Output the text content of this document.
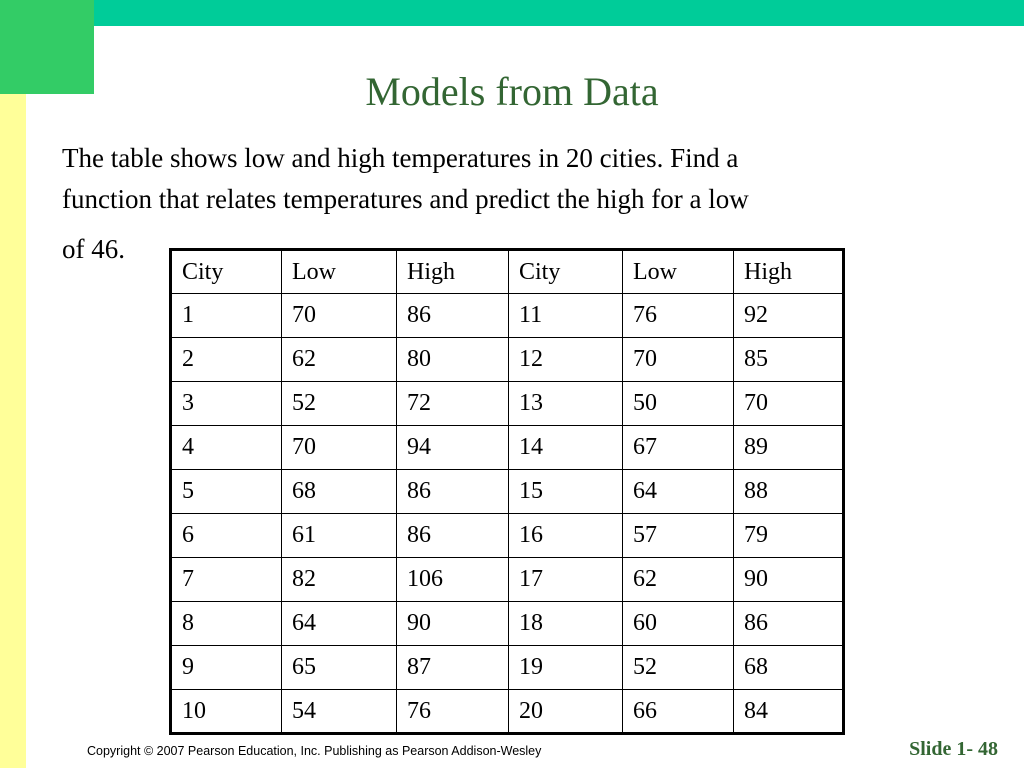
Models from Data

The table shows low and high temperatures in 20 cities. Find a

function that relates temperatures and predict the high for a low

of 46.
City	Low	High	City	Low	High
1	70	86	11	76	92
2	62	80	12	70	85
3	52	72	13	50	70
4	70	94	14	67	89
5	68	86	15	64	88
6	61	86	16	57	79
7	82	106	17	62	90
8	64	90	18	60	86
9	65	87	19	52	68
10	54	76	20	66	84
Copyright © 2007 Pearson Education, Inc. Publishing as Pearson Addison-Wesley	Slide 1- 48
